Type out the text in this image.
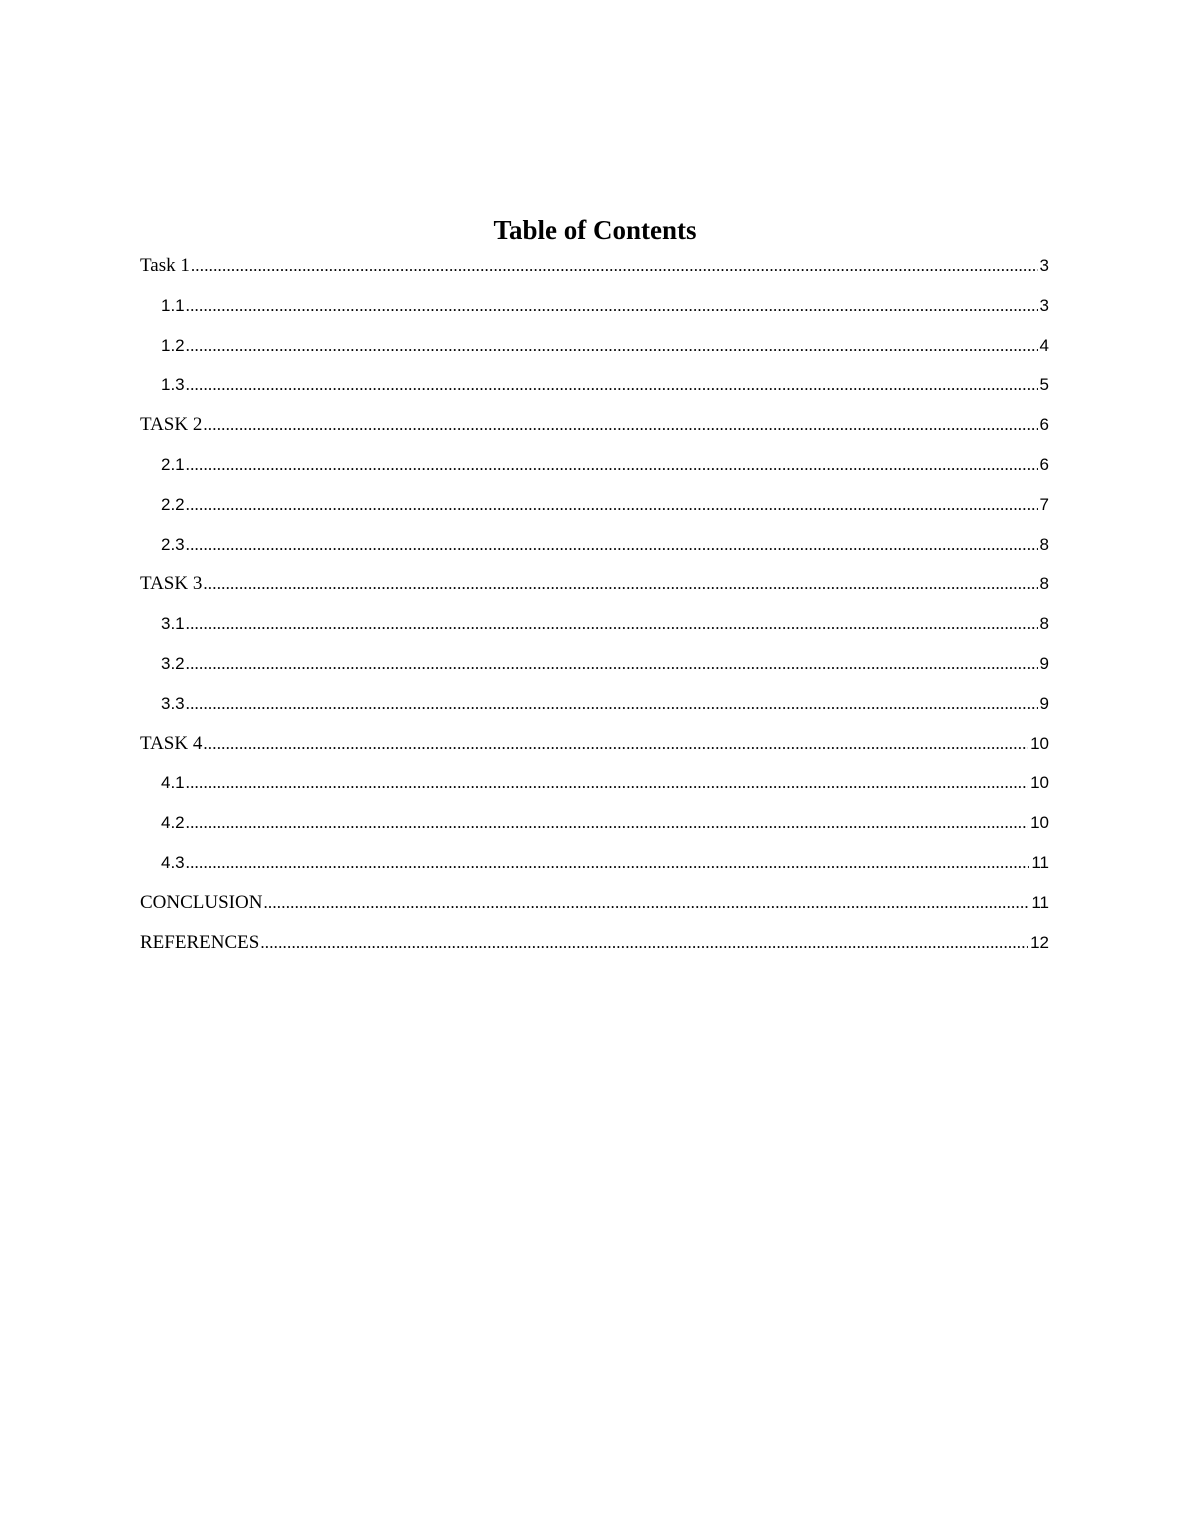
Table of Contents
Task 1 .....	3
1.1 .....	3
1.2 .....	4
1.3 .....	5
TASK 2 .....	6
2.1 .....	6
2.2 .....	7
2.3 .....	8
TASK 3 .....	8
3.1 .....	8
3.2 .....	9
3.3 .....	9
TASK 4 .....	10
4.1 .....	10
4.2 .....	10
4.3 .....	11
CONCLUSION .....	11
REFERENCES .....	12
